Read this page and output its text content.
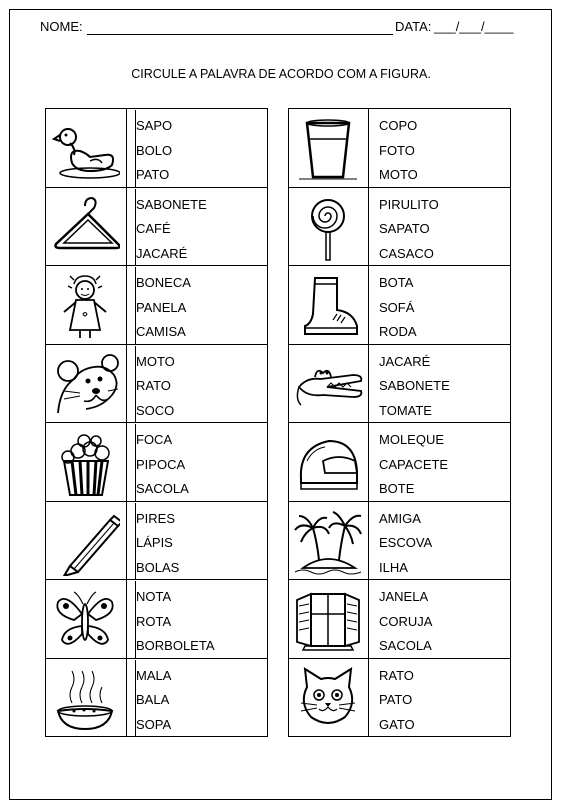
NOME:	DATA: ___/___/____
CIRCULE A PALAVRA DE ACORDO COM A FIGURA.
SAPO
BOLO
PATO
SABONETE
CAFÉ
JACARÉ
BONECA
PANELA
CAMISA
MOTO
RATO
SOCO
FOCA
PIPOCA
SACOLA
PIRES
LÁPIS
BOLAS
NOTA
ROTA
BORBOLETA
MALA
BALA
SOPA
COPO
FOTO
MOTO
PIRULITO
SAPATO
CASACO
BOTA
SOFÁ
RODA
JACARÉ
SABONETE
TOMATE
MOLEQUE
CAPACETE
BOTE
AMIGA
ESCOVA
ILHA
JANELA
CORUJA
SACOLA
RATO
PATO
GATO
